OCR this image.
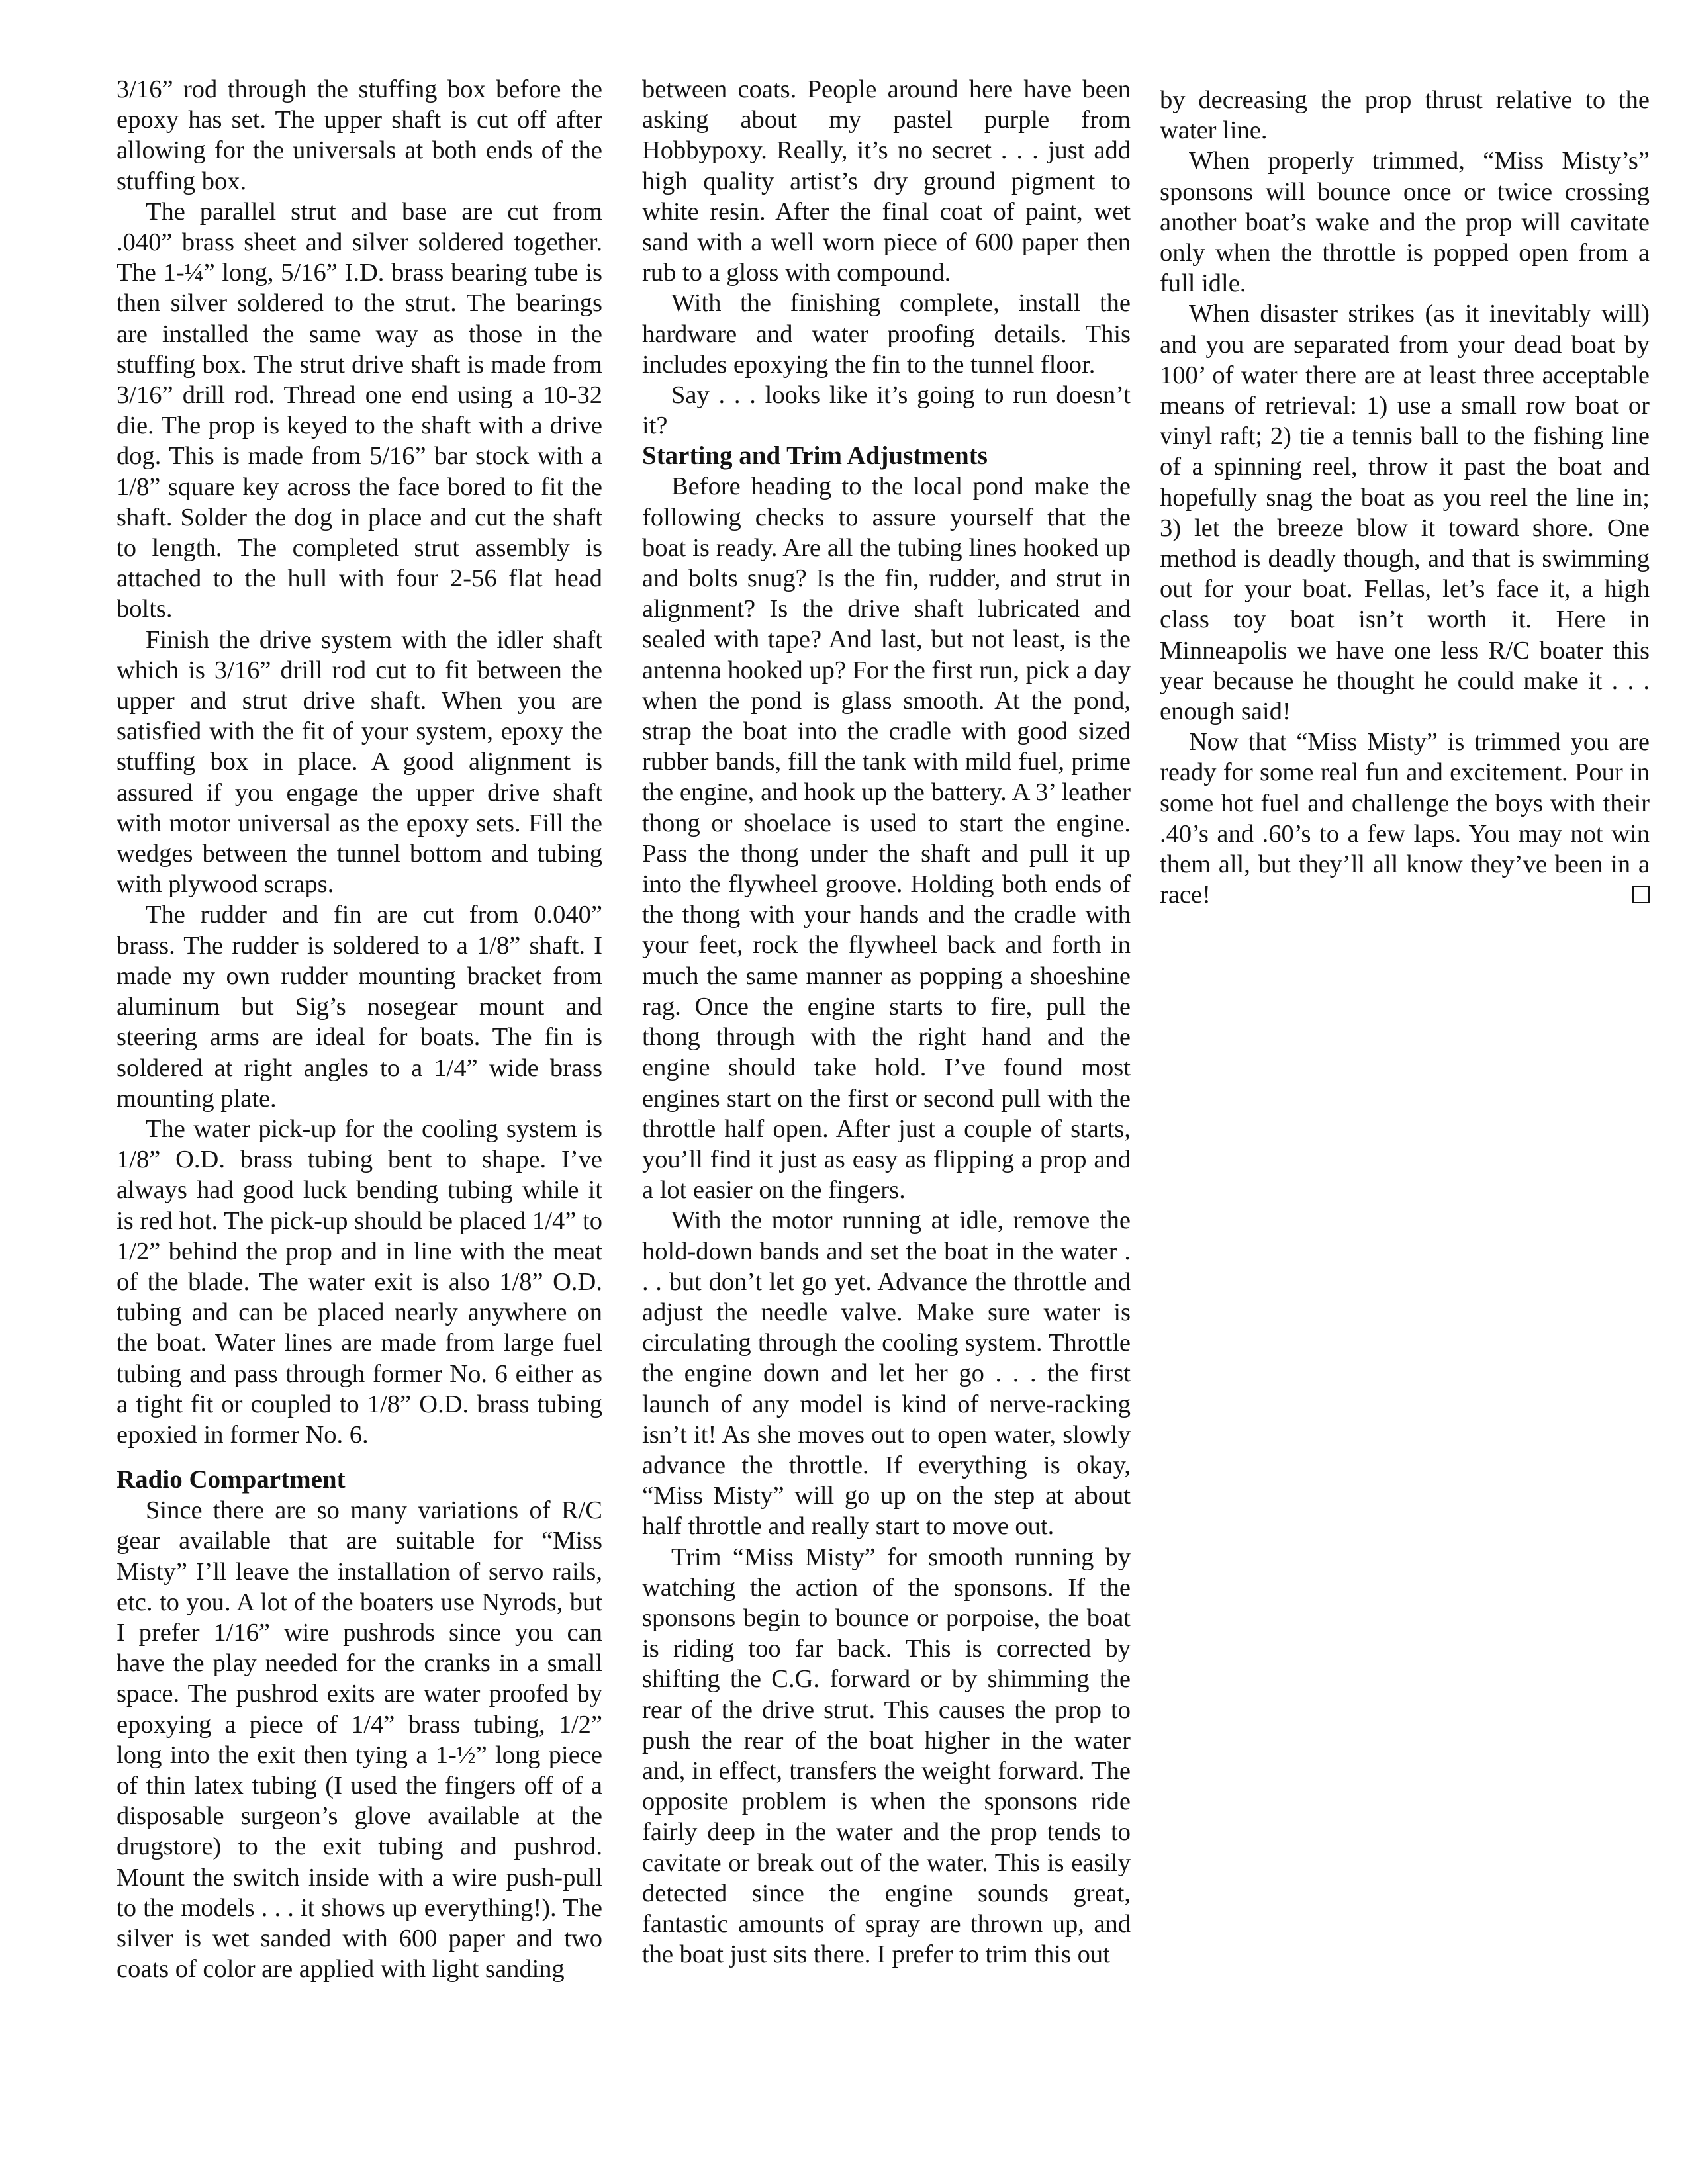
3/16” rod through the stuffing box before the epoxy has set. The upper shaft is cut off after allowing for the universals at both ends of the stuffing box.

The parallel strut and base are cut from .040” brass sheet and silver soldered together. The 1-¼” long, 5/16” I.D. brass bearing tube is then silver soldered to the strut. The bearings are installed the same way as those in the stuffing box. The strut drive shaft is made from 3/16” drill rod. Thread one end using a 10-32 die. The prop is keyed to the shaft with a drive dog. This is made from 5/16” bar stock with a 1/8” square key across the face bored to fit the shaft. Solder the dog in place and cut the shaft to length. The completed strut assembly is attached to the hull with four 2-56 flat head bolts.

Finish the drive system with the idler shaft which is 3/16” drill rod cut to fit between the upper and strut drive shaft. When you are satisfied with the fit of your system, epoxy the stuffing box in place. A good alignment is assured if you engage the upper drive shaft with motor universal as the epoxy sets. Fill the wedges between the tunnel bottom and tubing with plywood scraps.

The rudder and fin are cut from 0.040” brass. The rudder is soldered to a 1/8” shaft. I made my own rudder mounting bracket from aluminum but Sig’s nosegear mount and steering arms are ideal for boats. The fin is soldered at right angles to a 1/4” wide brass mounting plate.

The water pick-up for the cooling system is 1/8” O.D. brass tubing bent to shape. I’ve always had good luck bending tubing while it is red hot. The pick-up should be placed 1/4” to 1/2” behind the prop and in line with the meat of the blade. The water exit is also 1/8” O.D. tubing and can be placed nearly anywhere on the boat. Water lines are made from large fuel tubing and pass through former No. 6 either as a tight fit or coupled to 1/8” O.D. brass tubing epoxied in former No. 6.

Radio Compartment

Since there are so many variations of R/C gear available that are suitable for “Miss Misty” I’ll leave the installation of servo rails, etc. to you. A lot of the boaters use Nyrods, but I prefer 1/16” wire pushrods since you can have the play needed for the cranks in a small space. The pushrod exits are water proofed by epoxying a piece of 1/4” brass tubing, 1/2” long into the exit then tying a 1-½” long piece of thin latex tubing (I used the fingers off of a disposable surgeon’s glove available at the drugstore) to the exit tubing and pushrod. Mount the switch inside with a wire push-pull to the models . . . it shows up everything!). The silver is wet sanded with 600 paper and two coats of color are applied with light sanding

between coats. People around here have been asking about my pastel purple from Hobbypoxy. Really, it’s no secret . . . just add high quality artist’s dry ground pigment to white resin. After the final coat of paint, wet sand with a well worn piece of 600 paper then rub to a gloss with compound.

With the finishing complete, install the hardware and water proofing details. This includes epoxying the fin to the tunnel floor.

Say . . . looks like it’s going to run doesn’t it?

Starting and Trim Adjustments

Before heading to the local pond make the following checks to assure yourself that the boat is ready. Are all the tubing lines hooked up and bolts snug? Is the fin, rudder, and strut in alignment? Is the drive shaft lubricated and sealed with tape? And last, but not least, is the antenna hooked up? For the first run, pick a day when the pond is glass smooth. At the pond, strap the boat into the cradle with good sized rubber bands, fill the tank with mild fuel, prime the engine, and hook up the battery. A 3’ leather thong or shoelace is used to start the engine. Pass the thong under the shaft and pull it up into the flywheel groove. Holding both ends of the thong with your hands and the cradle with your feet, rock the flywheel back and forth in much the same manner as popping a shoeshine rag. Once the engine starts to fire, pull the thong through with the right hand and the engine should take hold. I’ve found most engines start on the first or second pull with the throttle half open. After just a couple of starts, you’ll find it just as easy as flipping a prop and a lot easier on the fingers.

With the motor running at idle, remove the hold-down bands and set the boat in the water . . . but don’t let go yet. Advance the throttle and adjust the needle valve. Make sure water is circulating through the cooling system. Throttle the engine down and let her go . . . the first launch of any model is kind of nerve-racking isn’t it! As she moves out to open water, slowly advance the throttle. If everything is okay, “Miss Misty” will go up on the step at about half throttle and really start to move out.

Trim “Miss Misty” for smooth running by watching the action of the sponsons. If the sponsons begin to bounce or porpoise, the boat is riding too far back. This is corrected by shifting the C.G. forward or by shimming the rear of the drive strut. This causes the prop to push the rear of the boat higher in the water and, in effect, transfers the weight forward. The opposite problem is when the sponsons ride fairly deep in the water and the prop tends to cavitate or break out of the water. This is easily detected since the engine sounds great, fantastic amounts of spray are thrown up, and the boat just sits there. I prefer to trim this out

by decreasing the prop thrust relative to the water line.

When properly trimmed, “Miss Misty’s” sponsons will bounce once or twice crossing another boat’s wake and the prop will cavitate only when the throttle is popped open from a full idle.

When disaster strikes (as it inevitably will) and you are separated from your dead boat by 100’ of water there are at least three acceptable means of retrieval: 1) use a small row boat or vinyl raft; 2) tie a tennis ball to the fishing line of a spinning reel, throw it past the boat and hopefully snag the boat as you reel the line in; 3) let the breeze blow it toward shore. One method is deadly though, and that is swimming out for your boat. Fellas, let’s face it, a high class toy boat isn’t worth it. Here in Minneapolis we have one less R/C boater this year because he thought he could make it . . . enough said!

Now that “Miss Misty” is trimmed you are ready for some real fun and excitement. Pour in some hot fuel and challenge the boys with their .40’s and .60’s to a few laps. You may not win them all, but they’ll all know they’ve been in a race!
